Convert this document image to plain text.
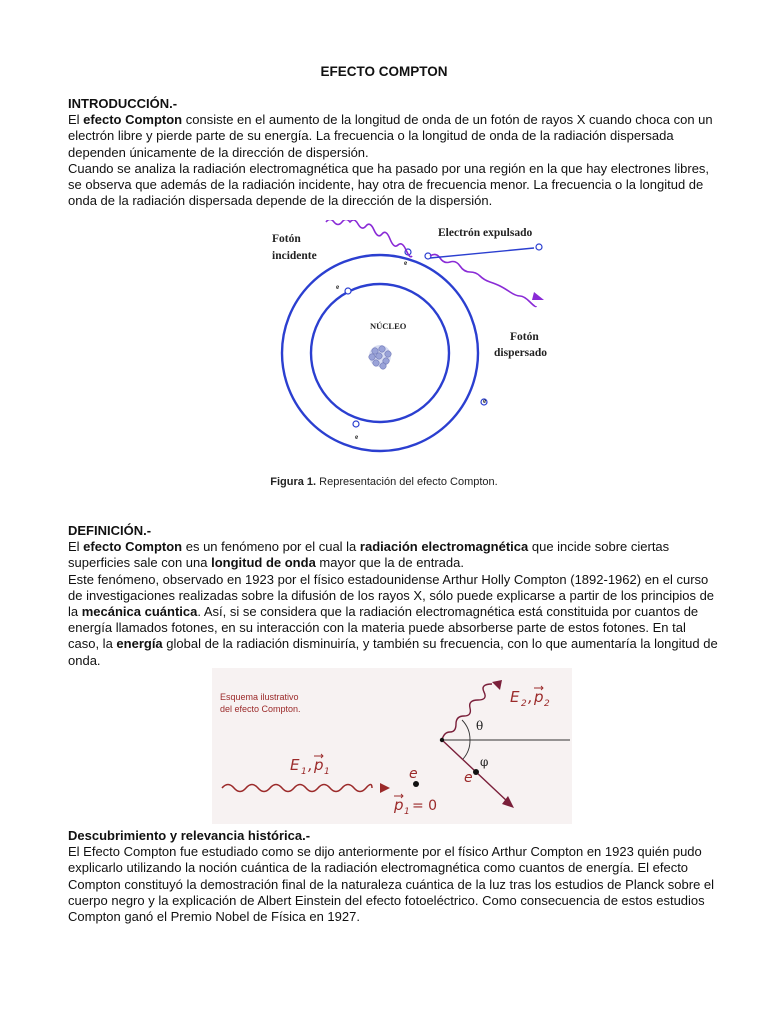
EFECTO COMPTON

INTRODUCCIÓN.-

El efecto Compton consiste en el aumento de la longitud de onda de un fotón de rayos X cuando choca con un electrón libre y pierde parte de su energía. La frecuencia o la longitud de onda de la radiación dispersada dependen únicamente de la dirección de dispersión.

Cuando se analiza la radiación electromagnética que ha pasado por una región en la que hay electrones libres, se observa que además de la radiación incidente, hay otra de frecuencia menor. La frecuencia o la longitud de onda de la radiación dispersada depende de la dirección de la dispersión.

NÚCLEO
e
e
e
e
Fotón
incidente
Electrón expulsado
Fotón
dispersado
Figura 1. Representación del efecto Compton.

DEFINICIÓN.-

El efecto Compton es un fenómeno por el cual la radiación electromagnética que incide sobre ciertas superficies sale con una longitud de onda mayor que la de entrada.

Este fenómeno, observado en 1923 por el físico estadounidense Arthur Holly Compton (1892-1962) en el curso de investigaciones realizadas sobre la difusión de los rayos X, sólo puede explicarse a partir de los principios de la mecánica cuántica. Así, si se considera que la radiación electromagnética está constituida por cuantos de energía llamados fotones, en su interacción con la materia puede absorberse parte de estos fotones. En tal caso, la energía global de la radiación disminuiría, y también su frecuencia, con lo que aumentaría la longitud de onda.

Esquema ilustrativo
del efecto Compton.
θ
φ
E 2 , p 2
E 1 , p 1	e	e
p 1 = 0

Descubrimiento y relevancia histórica.-

El Efecto Compton fue estudiado como se dijo anteriormente por el físico Arthur Compton en 1923 quién pudo explicarlo utilizando la noción cuántica de la radiación electromagnética como cuantos de energía. El efecto Compton constituyó la demostración final de la naturaleza cuántica de la luz tras los estudios de Planck sobre el cuerpo negro y la explicación de Albert Einstein del efecto fotoeléctrico. Como consecuencia de estos estudios Compton ganó el Premio Nobel de Física en 1927.
